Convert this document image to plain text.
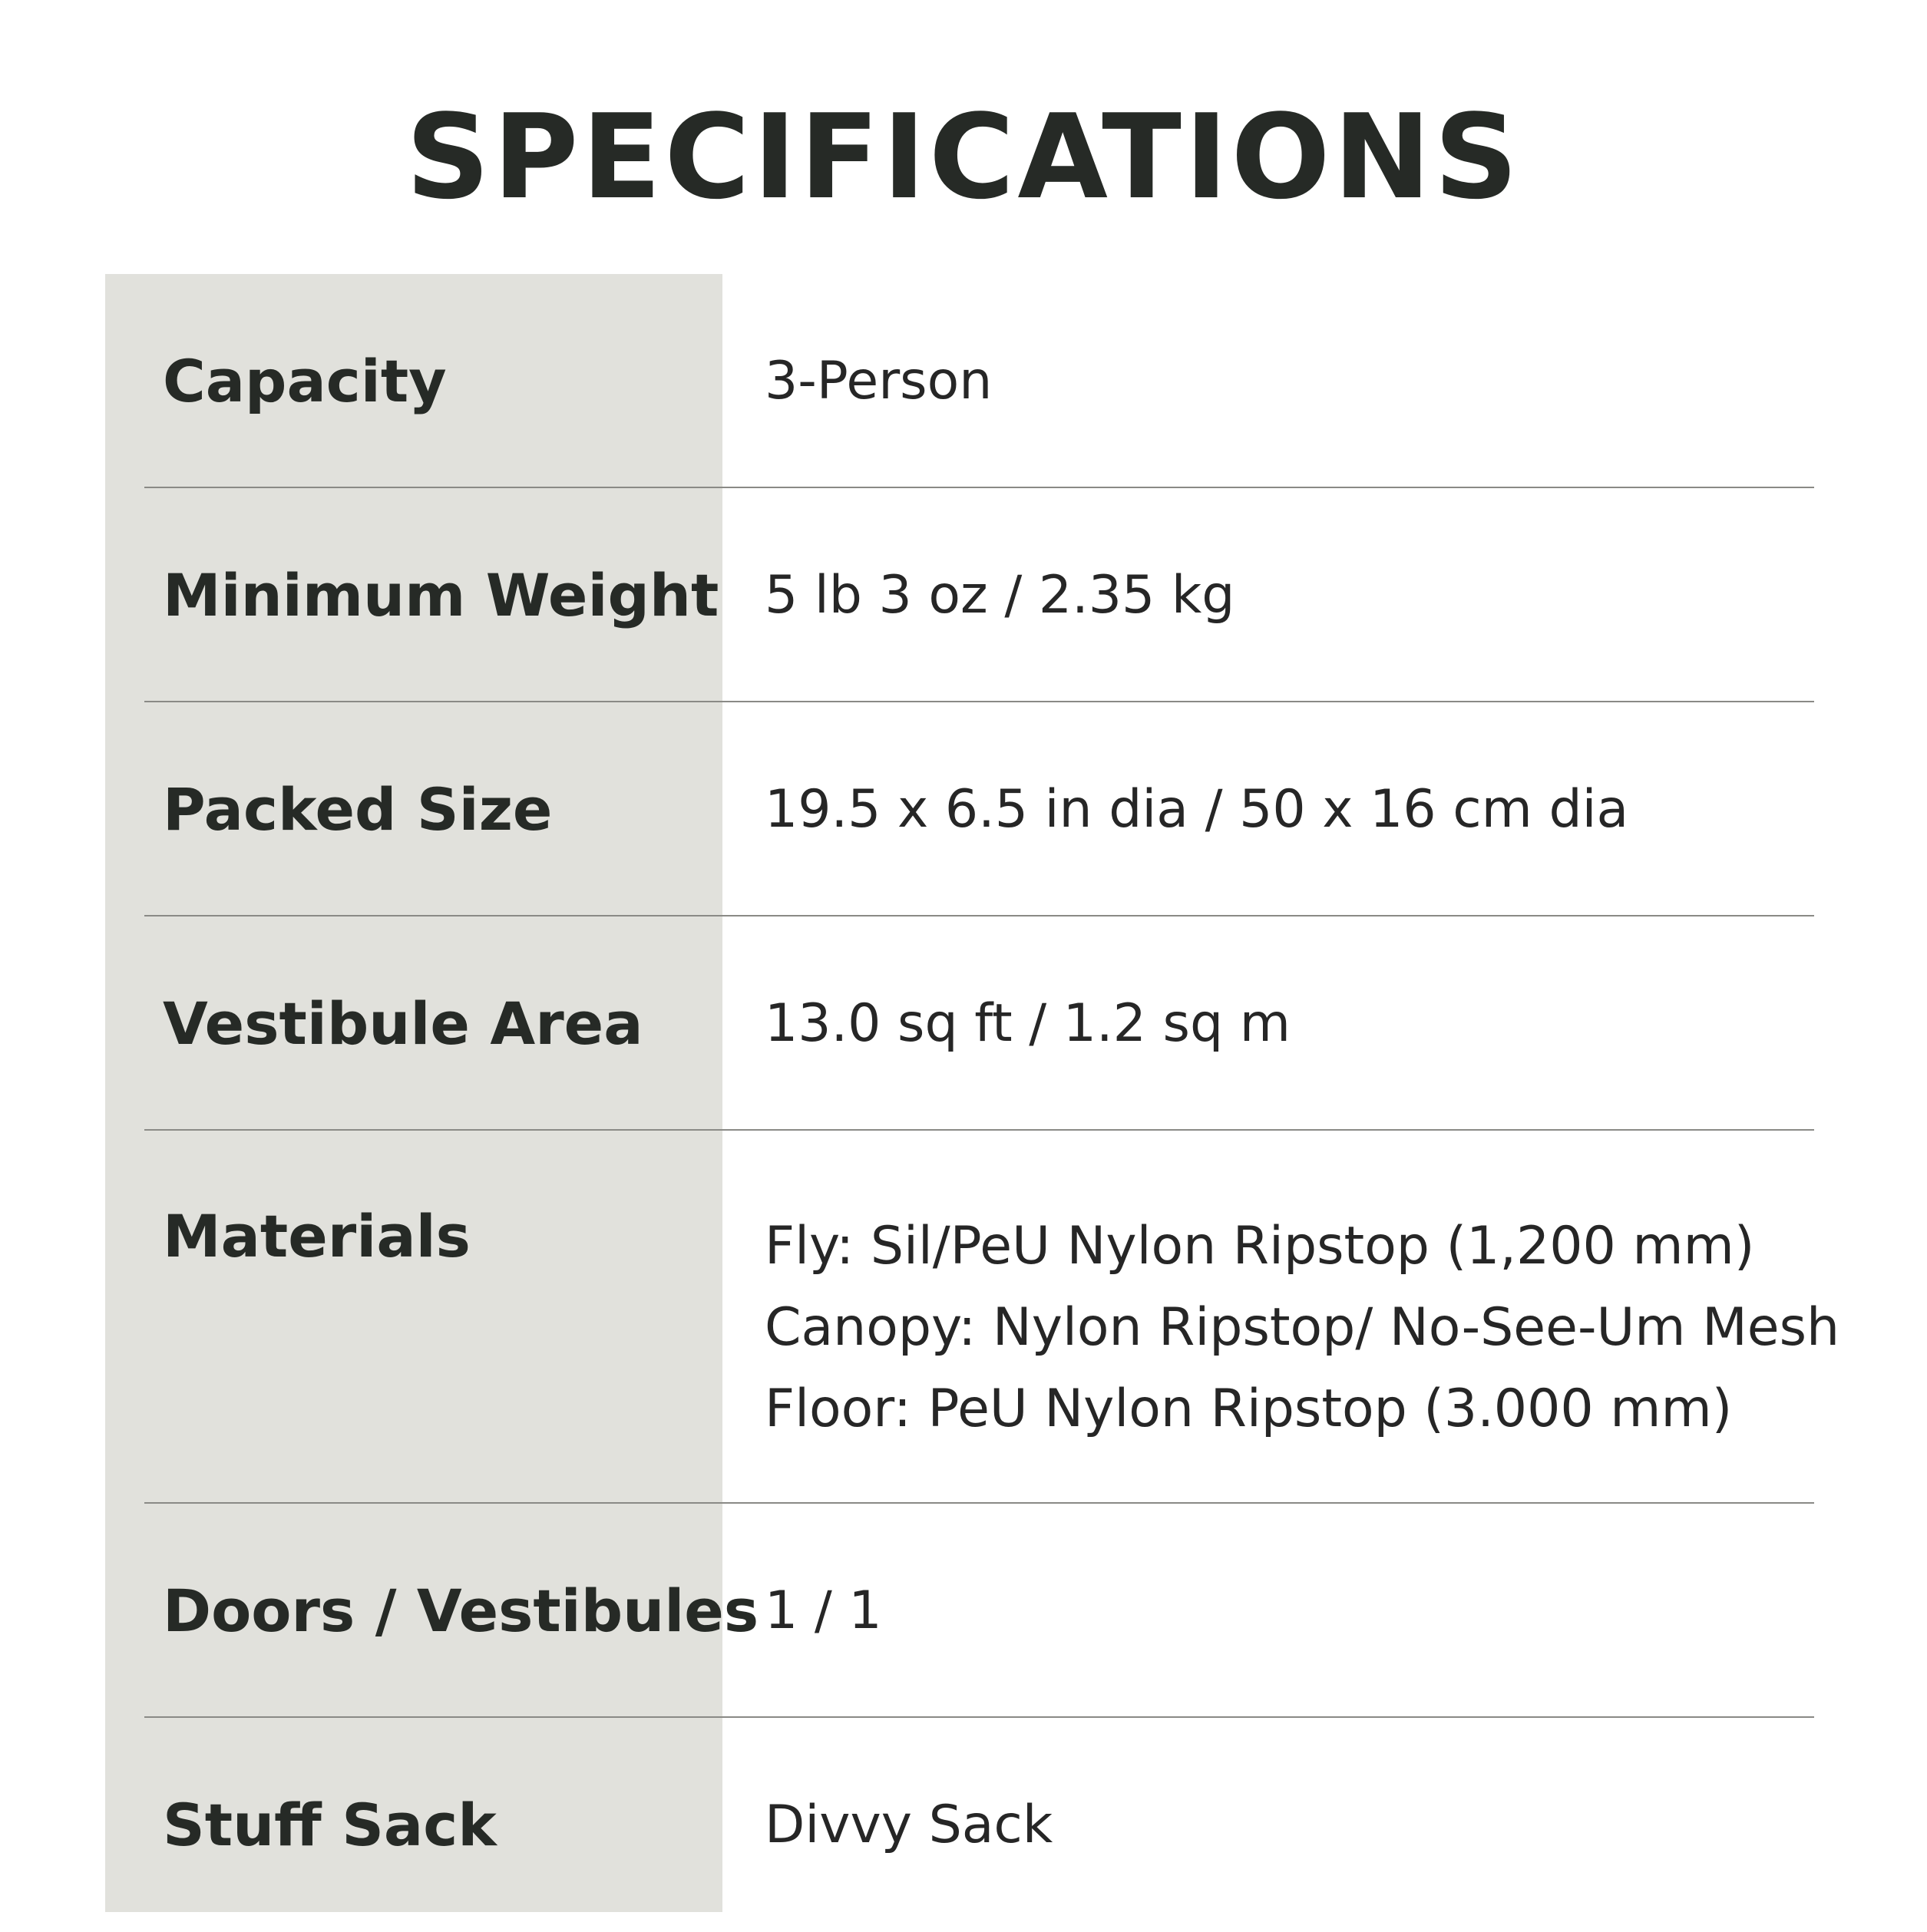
SPECIFICATIONS
Capacity	3-Person
Minimum Weight 5 lb 3 oz / 2.35 kg
Packed Size	19.5 x 6.5 in dia / 50 x 16 cm dia
Vestibule Area 13.0 sq ft / 1.2 sq m
Materials	Fly: Sil/PeU Nylon Ripstop (1,200 mm)
Canopy: Nylon Ripstop/ No-See-Um Mesh
Floor: PeU Nylon Ripstop (3.000 mm)
Doors / Vestibules 1 / 1
Stuff Sack	Divvy Sack
